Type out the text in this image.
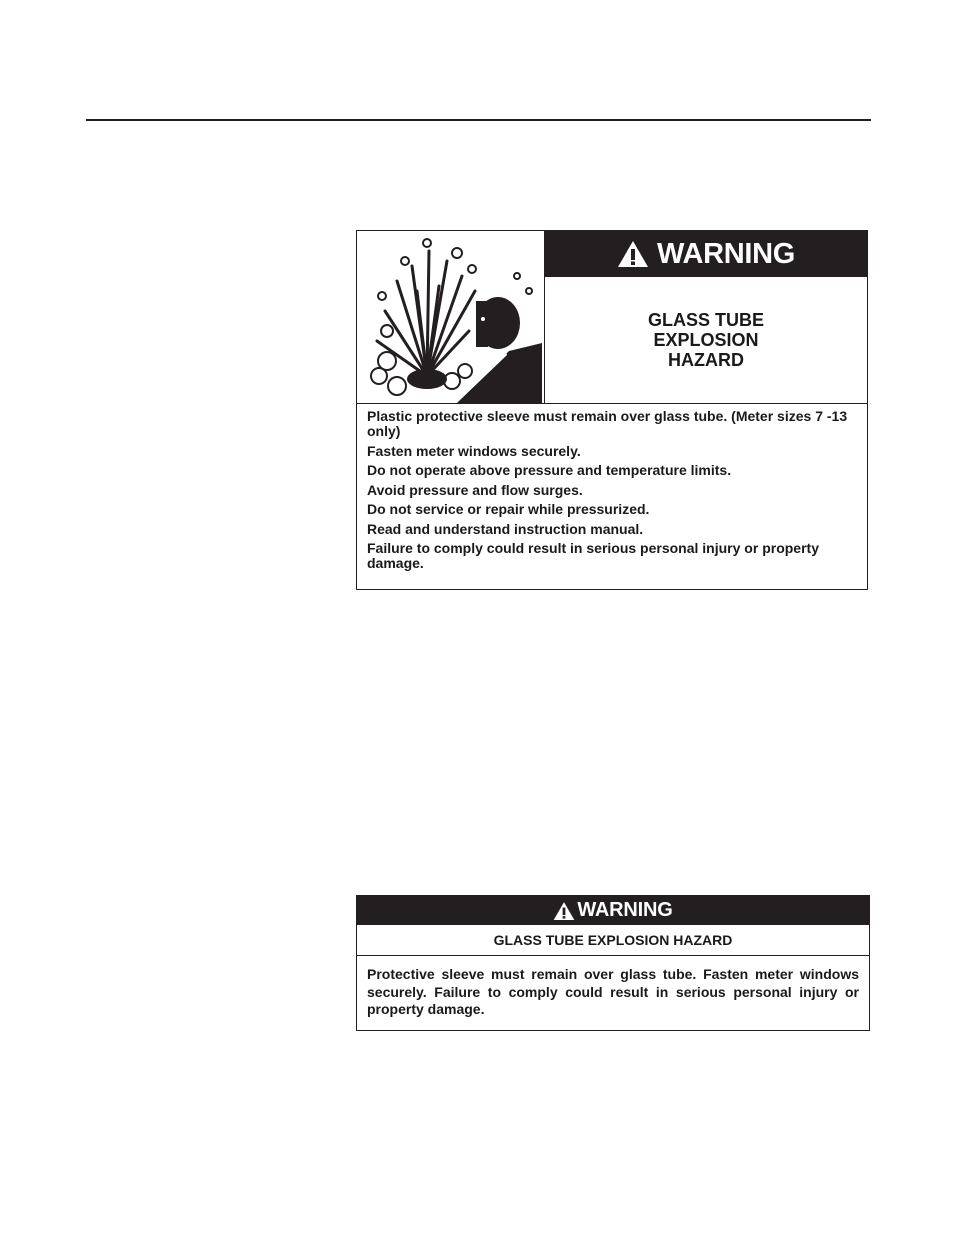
WARNING
GLASS TUBE
EXPLOSION
HAZARD
Plastic protective sleeve must remain over glass tube. (Meter sizes 7 -13 only)
Fasten meter windows securely.
Do not operate above pressure and temperature limits.
Avoid pressure and flow surges.
Do not service or repair while pressurized.
Read and understand instruction manual.
Failure to comply could result in serious personal injury or property damage.
WARNING
GLASS TUBE EXPLOSION HAZARD
Protective sleeve must remain over glass tube. Fasten meter windows securely. Failure to comply could result in serious personal injury or property damage.
